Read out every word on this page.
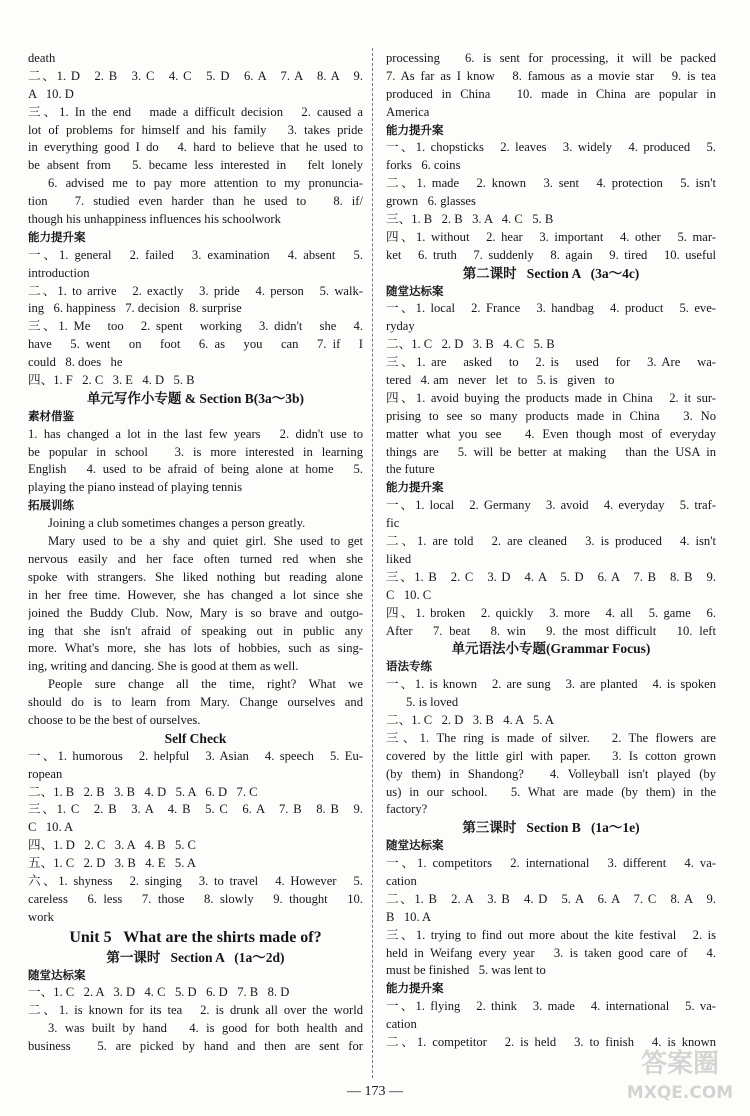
death
二、1. D   2. B   3. C   4. C   5. D   6. A   7. A   8. A   9.
A   10. D
三、1. In the end   made a difficult decision   2. caused a
lot of problems for himself and his family   3. takes pride
in everything good I do   4. hard to believe that he used to
be absent from   5. became less interested in   felt lonely
6. advised me to pay more attention to my pronuncia-
tion   7. studied even harder than he used to   8. if/
though his unhappiness influences his schoolwork
能力提升案
一、1. general   2. failed   3. examination   4. absent   5.
introduction
二、1. to arrive   2. exactly   3. pride   4. person   5. walk-
ing   6. happiness   7. decision   8. surprise
三、1. Me   too   2. spent   working   3. didn't   she   4.
have   5. went   on   foot   6. as   you   can   7. if   I
could   8. does   he
四、1. F   2. C   3. E   4. D   5. B
单元写作小专题 & Section B(3a～3b)
素材借鉴
1. has changed a lot in the last few years   2. didn't use to
be popular in school   3. is more interested in learning
English   4. used to be afraid of being alone at home   5.
playing the piano instead of playing tennis
拓展训练
Joining a club sometimes changes a person greatly.
Mary used to be a shy and quiet girl. She used to get
nervous easily and her face often turned red when she
spoke with strangers. She liked nothing but reading alone
in her free time. However, she has changed a lot since she
joined the Buddy Club. Now, Mary is so brave and outgo-
ing that she isn't afraid of speaking out in public any
more. What's more, she has lots of hobbies, such as sing-
ing, writing and dancing. She is good at them as well.
People sure change all the time, right? What we
should do is to learn from Mary. Change ourselves and
choose to be the best of ourselves.
Self Check
一、1. humorous   2. helpful   3. Asian   4. speech   5. Eu-
ropean
二、1. B   2. B   3. B   4. D   5. A   6. D   7. C
三、1. C   2. B   3. A   4. B   5. C   6. A   7. B   8. B   9.
C   10. A
四、1. D   2. C   3. A   4. B   5. C
五、1. C   2. D   3. B   4. E   5. A
六、1. shyness   2. singing   3. to travel   4. However   5.
careless   6. less   7. those   8. slowly   9. thought   10.
work
Unit 5   What are the shirts made of?
第一课时   Section A   (1a～2d)
随堂达标案
一、1. C   2. A   3. D   4. C   5. D   6. D   7. B   8. D
二、1. is known for its tea   2. is drunk all over the world
3. was built by hand   4. is good for both health and
business   5. are picked by hand and then are sent for
processing   6. is sent for processing, it will be packed
7. As far as I know   8. famous as a movie star   9. is tea
produced in China   10. made in China are popular in
America
能力提升案
一、1. chopsticks   2. leaves   3. widely   4. produced   5.
forks   6. coins
二、1. made   2. known   3. sent   4. protection   5. isn't
grown   6. glasses
三、1. B   2. B   3. A   4. C   5. B
四、1. without   2. hear   3. important   4. other   5. mar-
ket   6. truth   7. suddenly   8. again   9. tired   10. useful
第二课时   Section A   (3a～4c)
随堂达标案
一、1. local   2. France   3. handbag   4. product   5. eve-
ryday
二、1. C   2. D   3. B   4. C   5. B
三、1. are   asked   to   2. is   used   for   3. Are   wa-
tered   4. am   never   let   to   5. is   given   to
四、1. avoid buying the products made in China   2. it sur-
prising to see so many products made in China   3. No
matter what you see   4. Even though most of everyday
things are   5. will be better at making   than the USA in
the future
能力提升案
一、1. local   2. Germany   3. avoid   4. everyday   5. traf-
fic
二、1. are told   2. are cleaned   3. is produced   4. isn't
liked
三、1. B   2. C   3. D   4. A   5. D   6. A   7. B   8. B   9.
C   10. C
四、1. broken   2. quickly   3. more   4. all   5. game   6.
After   7. beat   8. win   9. the most difficult   10. left
单元语法小专题(Grammar Focus)
语法专练
一、1. is known   2. are sung   3. are planted   4. is spoken
5. is loved
二、1. C   2. D   3. B   4. A   5. A
三、1. The ring is made of silver.   2. The flowers are
covered by the little girl with paper.   3. Is cotton grown
(by them) in Shandong?   4. Volleyball isn't played (by
us) in our school.   5. What are made (by them) in the
factory?
第三课时   Section B   (1a～1e)
随堂达标案
一、1. competitors   2. international   3. different   4. va-
cation
二、1. B   2. A   3. B   4. D   5. A   6. A   7. C   8. A   9.
B   10. A
三、1. trying to find out more about the kite festival   2. is
held in Weifang every year   3. is taken good care of   4.
must be finished   5. was lent to
能力提升案
一、1. flying   2. think   3. made   4. international   5. va-
cation
二、1. competitor   2. is held   3. to finish   4. is known
— 173 —
答案圈
MXQE.COM
